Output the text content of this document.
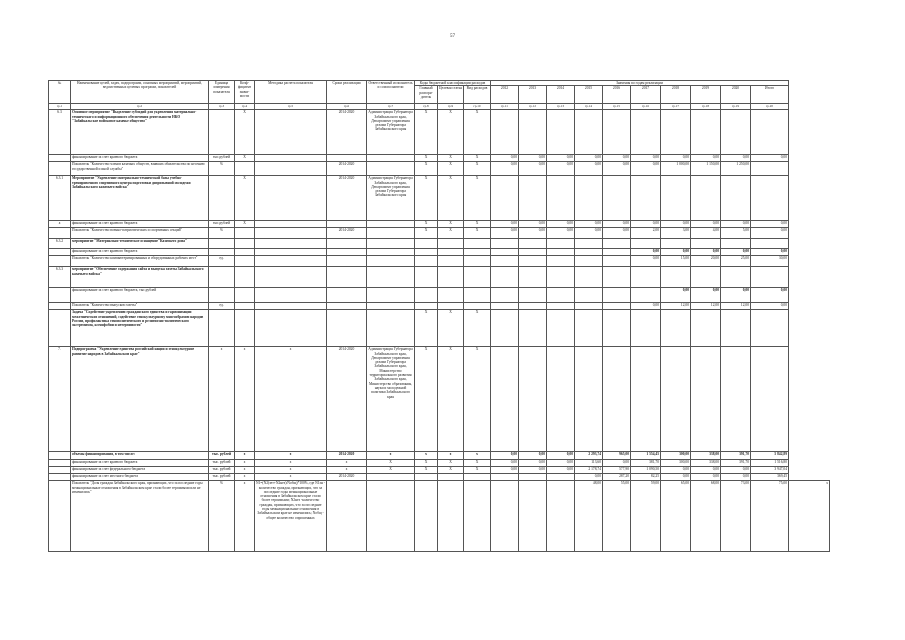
57
№	Наименование целей, задач, подпрограмм, основных мероприятий, мероприятий, ведомственных целевых программ, показателей	Единица измерения показателя	Коэф-фициент значи-мости	Методика расчета показателя	Сроки реализации	Ответственный исполнитель и соисполнители	Коды бюджетной классификации расходов			Значения по годам реализации										
							Главный распоря-дитель	Целевая статья	Вид расходов	2012	2013	2014	2015	2016	2017	2018	2019	2020	Итого	
гр.1	гр.2	гр.3	гр.4	гр.5	гр.6	гр.7	гр.8	гр.9	гр.10	гр.11	гр.12	гр.13	гр.14	гр.15	гр.16	гр.17	гр.18	гр.19	гр.20	
6.3	Основное мероприятие "Выделение субсидий для укрепления материально-технического и информационного обеспечения деятельности НКО "Забайкальское войсковое казачье общество"		Х		2014-2020	Администрация Губернатора Забайкальского края, Департамент управления делами Губернатора Забайкальского края	Х	Х	Х											
	финансирование за счет краевого бюджета	тыс.рублей	Х				Х	Х	Х	0,00	0,00	0,00	0,00	0,00	0,00	0,00	0,00	0,00	0,00	
	Показатель "Количество членов казачьих обществ, взявших обязательства по несению государственной и иной службы"	%			2014-2020		Х	Х	Х	0,00	0,00	0,00	0,00	0,00	0,00	1 000,00	1 150,00	1 250,00		
6.3.1	Мероприятие "Укрепление материально-технической базы учебно-тренировочного спортивного центра подготовки допризывной молодежи Забайкальского казачьего войска"		Х		2014-2020	Администрация Губернатора Забайкальского края, Департамент управления делами Губернатора Забайкальского края	Х	Х	Х											
а	финансирование за счет краевого бюджета	тыс.рублей	Х				Х	Х	Х	0,00	0,00	0,00	0,00	0,00	0,00	0,00	0,00	0,00	0,00	
	Показатель "Количество военно-патриотических и спортивных секций"	%			2014-2020		Х	Х	Х	0,00	0,00	0,00	0,00	0,00	2,00	3,00	4,00	5,00	0,00	
6.3.2	мероприятие "Материально-техническое оснащение"Казачьего дома"																			
	финансирование за счет краевого бюджета														0,00	0,00	0,00	0,00	0,00	
	Показатель "Количество компьютеризированных и оборудованных рабочих мест"	ед.													0,00	15,00	20,00	25,00	30,00	
6.3.3	мероприятие "Обеспечение содержания сайта и выпуска газеты Забайкальского казачьего войска"																			
	финансирование за счет краевого бюджета, тыс.рублей															0,00	0,00	0,00	0,00	
	Показатель "Количество выпусков газеты"	ед.													0,00	12,00	12,00	12,00	0,00	
	Задача "Содействие укреплению гражданского единства и гармонизации межэтнических отношений, содействие этнокультурному многообразию народов России, профилактика этнополитического и религиозно-политического экстремизма, ксенофобии и нетерпимости"						Х	Х	Х											
7.	Подпрограмма "Укрепление единства российской нации и этнокультурное развитие народов в Забайкальском крае"	х	х	х	2014-2020	Администрация Губернатора Забайкальского края, Департамент управления делами Губернатора Забайкальского края, Министерство территориального развития Забайкальского края, Министерство образования, науки и молодежной политики Забайкальского края	Х	Х	Х											
	объемы финансирования, в том числе:	тыс. рублей	х	х	2014-2020	х	х	х	х	0,00	0,00	0,00	2 293,74	965,00	1 554,45	300,00	338,00	391,70	5 842,89	
	финансирование за счет краевого бюджета	тыс. рублей	х	х	х	Х	Х	Х	Х	0,00	0,00	0,00	113,60	0,00	381,70	300,00	338,00	391,70	1 516,80	
	финансирование за счет федерального бюджета	тыс. рублей	х	х	х	Х	Х	Х	Х	0,00	0,00	0,00	2 178,74	577,90	1 090,50	0,00	0,00	0,00	3 947,04	
	финансирование за счет местного бюджета	тыс. рублей	х	х	2014-2020								0,00	287,20	82,25	0,00	0,00	0,00	369,45	
	Показатель "Доля граждан Забайкальского края, признающих, что за последние годы межнациональные отношения в Забайкальском крае стали более терпимыми или не изменились"	%	х	N1=(N2(зет+N2нез)/Nобщ)*100%, где N1зн - количество граждан, признающих, что за последние годы межнациональные отношения в Забайкальском крае стали более терпимыми; N2нез -количество граждан, признающих, что за последние годы межнациональные отношения в Забайкальском крае не изменились; Nобщ - общее количество опрошенных									48,00	55,00	59,00	65,00	68,00	73,00	75,00	х
